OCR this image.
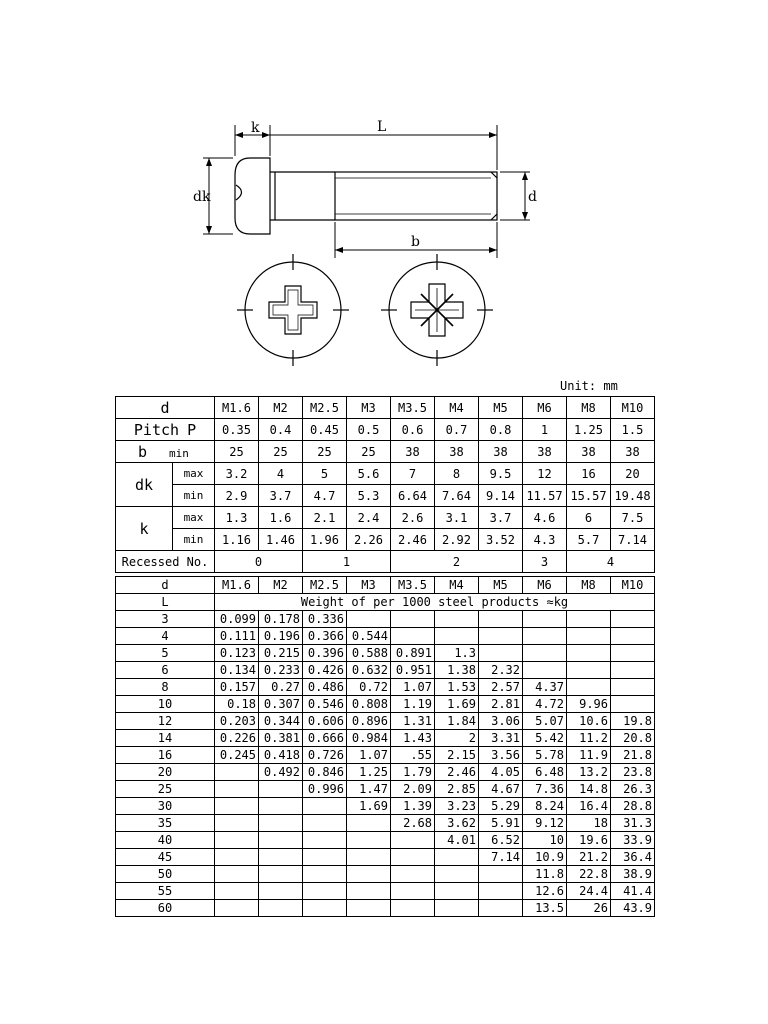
k	L
dk	d
b
Unit: mm
d		M1.6	M2	M2.5	M3	M3.5	M4	M5	M6	M8	M10
Pitch P		0.35	0.4	0.45	0.5	0.6	0.7	0.8	1	1.25	1.5
b min		25	25	25	25	38	38	38	38	38	38
dk	max	3.2	4	5	5.6	7	8	9.5	12	16	20
	min	2.9	3.7	4.7	5.3	6.64	7.64	9.14	11.57	15.57	19.48
k	max	1.3	1.6	2.1	2.4	2.6	3.1	3.7	4.6	6	7.5
	min	1.16	1.46	1.96	2.26	2.46	2.92	3.52	4.3	5.7	7.14
Recessed No.		0		1		2			3	4	
d	M1.6	M2	M2.5	M3	M3.5	M4	M5	M6	M8	M10
L	Weight of per 1000 steel products ≈kg									
3	0.099	0.178	0.336							
4	0.111	0.196	0.366	0.544						
5	0.123	0.215	0.396	0.588	0.891	1.3				
6	0.134	0.233	0.426	0.632	0.951	1.38	2.32			
8	0.157	0.27	0.486	0.72	1.07	1.53	2.57	4.37		
10	0.18	0.307	0.546	0.808	1.19	1.69	2.81	4.72	9.96	
12	0.203	0.344	0.606	0.896	1.31	1.84	3.06	5.07	10.6	19.8
14	0.226	0.381	0.666	0.984	1.43	2	3.31	5.42	11.2	20.8
16	0.245	0.418	0.726	1.07	.55	2.15	3.56	5.78	11.9	21.8
20		0.492	0.846	1.25	1.79	2.46	4.05	6.48	13.2	23.8
25			0.996	1.47	2.09	2.85	4.67	7.36	14.8	26.3
30				1.69	1.39	3.23	5.29	8.24	16.4	28.8
35					2.68	3.62	5.91	9.12	18	31.3
40						4.01	6.52	10	19.6	33.9
45							7.14	10.9	21.2	36.4
50								11.8	22.8	38.9
55								12.6	24.4	41.4
60								13.5	26	43.9
